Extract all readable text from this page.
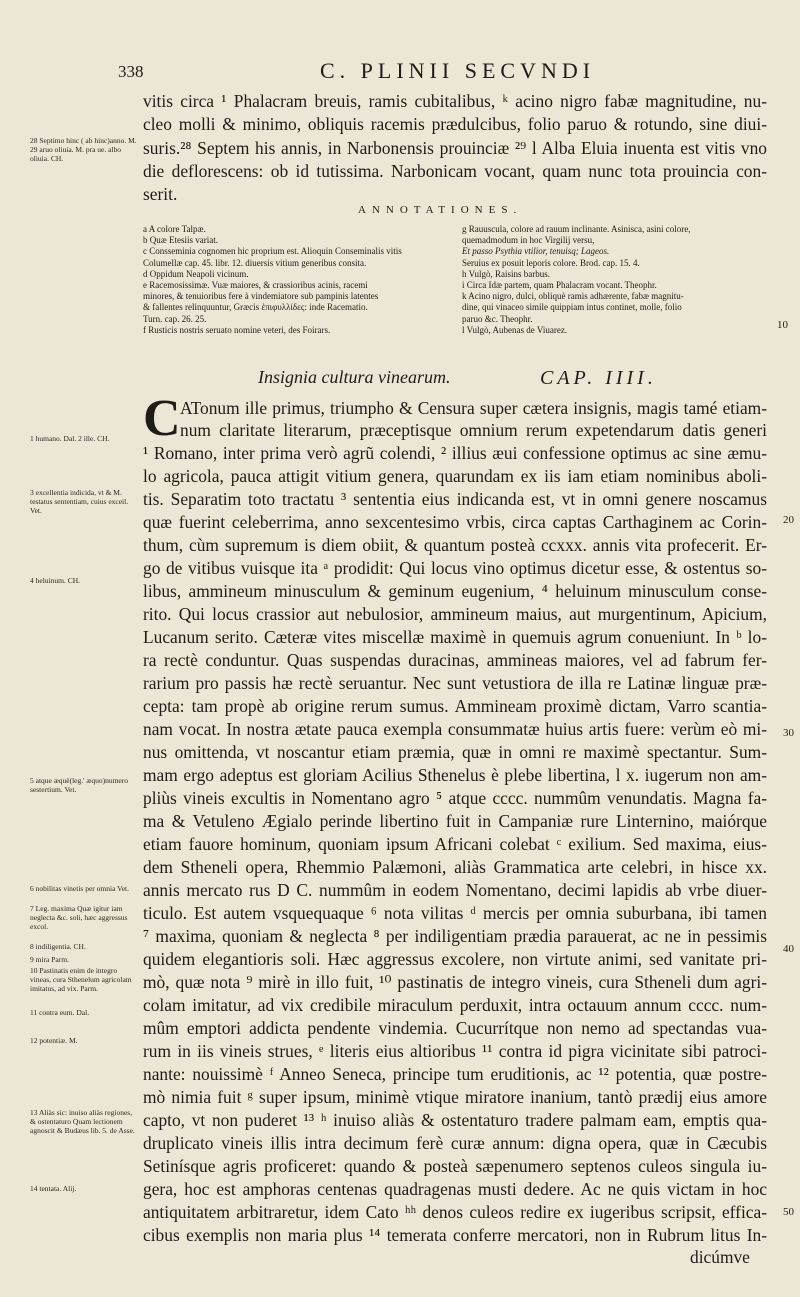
338	C. PLINII SECVNDI
vitis circa ¹ Phalacram breuis, ramis cubitalibus, ᵏ acino nigro fabæ magnitudine, nu-
cleo molli & minimo, obliquis racemis prædulcibus, folio paruo & rotundo, sine diui-
suris.²⁸ Septem his annis, in Narbonensis prouinciæ ²⁹ l Alba Eluia inuenta est vitis vno
die deflorescens: ob id tutissima. Narbonicam vocant, quam nunc tota prouincia con-
serit.
ANNOTATIONES.
a A colore Talpæ.
b Quæ Etesiis variat.
c Consseminia cognomen hic proprium est. Alioquin Conseminalis vitis
Columellæ cap. 45. libr. 12. diuersis vitium generibus consita.
d Oppidum Neapoli vicinum.
e Racemosissimæ. Vuæ maiores, & crassioribus acinis, racemi
minores, & tenuioribus fere à vindemiatore sub pampinis latentes
& fallentes relinquuntur, Græcis ἐπιφυλλίδες: inde Racematio.
Turn. cap. 26. 25.
f Rusticis nostris seruato nomine veteri, des Foirars.
g Rauuscula, colore ad rauum inclinante. Asinisca, asini colore,
quemadmodum in hoc Virgilij versu,
Et passo Psythia vtilior, tenuisq; Lageos.
Seruius ex posuit leporis colore. Brod. cap. 15. 4.
h Vulgò, Raisins barbus.
i Circa Idæ partem, quam Phalacram vocant. Theophr.
k Acino nigro, dulci, obliquè ramis adhærente, fabæ magnitu-
dine, qui vinaceo simile quippiam intus continet, molle, folio
paruo &c. Theophr.
l Vulgò, Aubenas de Viuarez.
Insignia cultura vinearum.	CAP. IIII.
C ATonum ille primus, triumpho & Censura super cætera insignis, magis tamé etiam-
num claritate literarum, præceptisque omnium rerum expetendarum datis generi
¹ Romano, inter prima verò agrũ colendi, ² illius æui confessione optimus ac sine æmu-
lo agricola, pauca attigit vitium genera, quarundam ex iis iam etiam nominibus aboli-
tis. Separatim toto tractatu ³ sententia eius indicanda est, vt in omni genere noscamus
quæ fuerint celeberrima, anno sexcentesimo vrbis, circa captas Carthaginem ac Corin-
thum, cùm supremum is diem obiit, & quantum posteà ccxxx. annis vita profecerit. Er-
go de vitibus vuisque ita ᵃ prodidit: Qui locus vino optimus dicetur esse, & ostentus so-
libus, ammineum minusculum & geminum eugenium, ⁴ heluinum minusculum conse-
rito. Qui locus crassior aut nebulosior, ammineum maius, aut murgentinum, Apicium,
Lucanum serito. Cæteræ vites miscellæ maximè in quemuis agrum conueniunt. In ᵇ lo-
ra rectè conduntur. Quas suspendas duracinas, ammineas maiores, vel ad fabrum fer-
rarium pro passis hæ rectè seruantur. Nec sunt vetustiora de illa re Latinæ linguæ præ-
cepta: tam propè ab origine rerum sumus. Ammineam proximè dictam, Varro scantia-
nam vocat. In nostra ætate pauca exempla consummatæ huius artis fuere: verùm eò mi-
nus omittenda, vt noscantur etiam præmia, quæ in omni re maximè spectantur. Sum-
mam ergo adeptus est gloriam Acilius Sthenelus è plebe libertina, l x. iugerum non am-
pliùs vineis excultis in Nomentano agro ⁵ atque cccc. nummûm venundatis. Magna fa-
ma & Vetuleno Ægialo perinde libertino fuit in Campaniæ rure Linternino, maiórque
etiam fauore hominum, quoniam ipsum Africani colebat ᶜ exilium. Sed maxima, eius-
dem Stheneli opera, Rhemmio Palæmoni, aliàs Grammatica arte celebri, in hisce xx.
annis mercato rus D C. nummûm in eodem Nomentano, decimi lapidis ab vrbe diuer-
ticulo. Est autem vsquequaque ⁶ nota vilitas ᵈ mercis per omnia suburbana, ibi tamen
⁷ maxima, quoniam & neglecta ⁸ per indiligentiam prædia parauerat, ac ne in pessimis
quidem elegantioris soli. Hæc aggressus excolere, non virtute animi, sed vanitate pri-
mò, quæ nota ⁹ mirè in illo fuit, ¹⁰ pastinatis de integro vineis, cura Stheneli dum agri-
colam imitatur, ad vix credibile miraculum perduxit, intra octauum annum cccc. num-
mûm emptori addicta pendente vindemia. Cucurrítque non nemo ad spectandas vua-
rum in iis vineis strues, ᵉ literis eius altioribus ¹¹ contra id pigra vicinitate sibi patroci-
nante: nouissimè ᶠ Anneo Seneca, principe tum eruditionis, ac ¹² potentia, quæ postre-
mò nimia fuit ᵍ super ipsum, minimè vtique miratore inanium, tantò prædij eius amore
capto, vt non puderet ¹³ ʰ inuiso aliàs & ostentaturo tradere palmam eam, emptis qua-
druplicato vineis illis intra decimum ferè curæ annum: digna opera, quæ in Cæcubis
Setinísque agris proficeret: quando & posteà sæpenumero septenos culeos singula iu-
gera, hoc est amphoras centenas quadragenas musti dedere. Ac ne quis victam in hoc
antiquitatem arbitraretur, idem Cato ʰʰ denos culeos redire ex iugeribus scripsit, effica-
cibus exemplis non maria plus ¹⁴ temerata conferre mercatori, non in Rubrum litus In-
dicúmve
28 Septimo hinc ( ab hinc)anno. M. 29 aruo oliuia. M. pra ue. albo oliuia. CH.
1 humano. Dal. 2 ille. CH.
3 excellentia indicida, vt & M. testatus sententiam, cuius exceil. Vet.
4 heluinum. CH.
5 atque æquè(leg.' æquo)numero sestertium. Vet.
6 nobilitas vinetis per omnia Vet.
7 Leg. maxima Quæ igitur iam neglecta &c. soli, hæc aggressus excol.
8 indiligentia. CH.
9 mira Parm.
10 Pastinatis enim de integro vineas, cura Sthenelum agricolam imitatus, ad vix. Parm.
11 contra eum. Dal.
12 potentiæ. M.
13 Aliàs sic: inuiso aliàs regiones, & ostentaturo Quam lectionem agnoscit & Budæus lib. 5. de Asse.
14 tentata. Alij.
10
20
30
40
50
